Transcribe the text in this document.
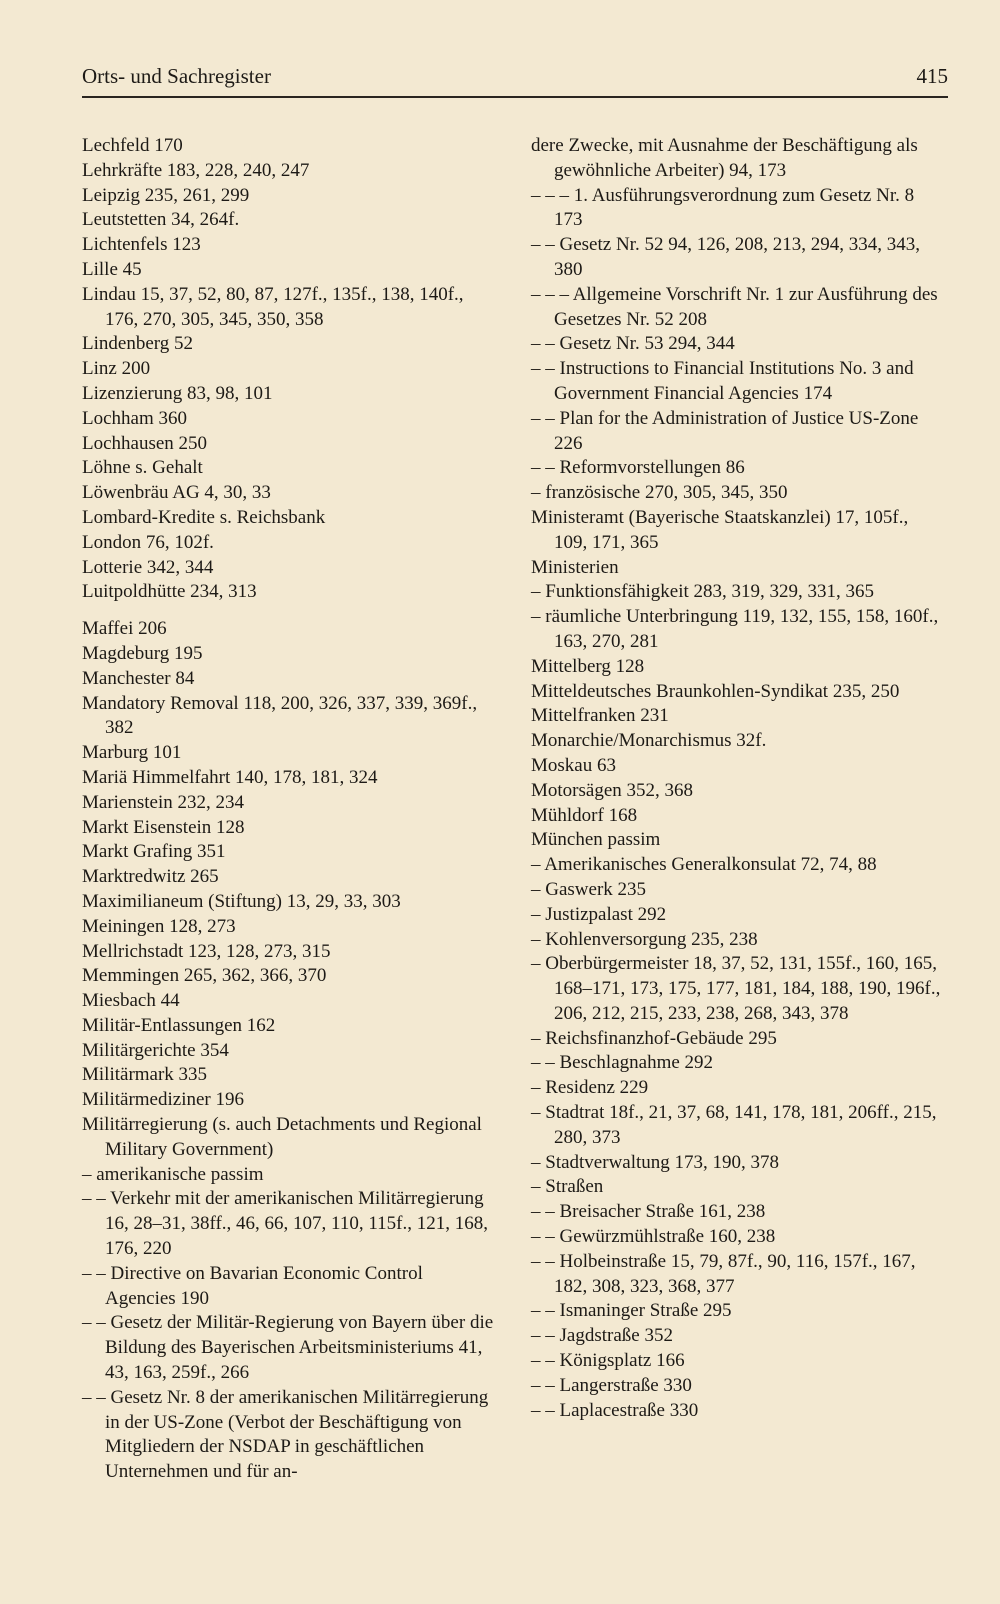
Orts- und Sachregister	415
Lechfeld 170
Lehrkräfte 183, 228, 240, 247
Leipzig 235, 261, 299
Leutstetten 34, 264f.
Lichtenfels 123
Lille 45
Lindau 15, 37, 52, 80, 87, 127f., 135f., 138, 140f., 176, 270, 305, 345, 350, 358
Lindenberg 52
Linz 200
Lizenzierung 83, 98, 101
Lochham 360
Lochhausen 250
Löhne s. Gehalt
Löwenbräu AG 4, 30, 33
Lombard-Kredite s. Reichsbank
London 76, 102f.
Lotterie 342, 344
Luitpoldhütte 234, 313
Maffei 206
Magdeburg 195
Manchester 84
Mandatory Removal 118, 200, 326, 337, 339, 369f., 382
Marburg 101
Mariä Himmelfahrt 140, 178, 181, 324
Marienstein 232, 234
Markt Eisenstein 128
Markt Grafing 351
Marktredwitz 265
Maximilianeum (Stiftung) 13, 29, 33, 303
Meiningen 128, 273
Mellrichstadt 123, 128, 273, 315
Memmingen 265, 362, 366, 370
Miesbach 44
Militär-Entlassungen 162
Militärgerichte 354
Militärmark 335
Militärmediziner 196
Militärregierung (s. auch Detachments und Regional Military Government)
– amerikanische passim
– – Verkehr mit der amerikanischen Militärregierung 16, 28–31, 38ff., 46, 66, 107, 110, 115f., 121, 168, 176, 220
– – Directive on Bavarian Economic Control Agencies 190
– – Gesetz der Militär-Regierung von Bayern über die Bildung des Bayerischen Arbeitsministeriums 41, 43, 163, 259f., 266
– – Gesetz Nr. 8 der amerikanischen Militärregierung in der US-Zone (Verbot der Beschäftigung von Mitgliedern der NSDAP in geschäftlichen Unternehmen und für an-
dere Zwecke, mit Ausnahme der Beschäftigung als gewöhnliche Arbeiter) 94, 173
– – – 1. Ausführungsverordnung zum Gesetz Nr. 8 173
– – Gesetz Nr. 52 94, 126, 208, 213, 294, 334, 343, 380
– – – Allgemeine Vorschrift Nr. 1 zur Ausführung des Gesetzes Nr. 52 208
– – Gesetz Nr. 53 294, 344
– – Instructions to Financial Institutions No. 3 and Government Financial Agencies 174
– – Plan for the Administration of Justice US-Zone 226
– – Reformvorstellungen 86
– französische 270, 305, 345, 350
Ministeramt (Bayerische Staatskanzlei) 17, 105f., 109, 171, 365
Ministerien
– Funktionsfähigkeit 283, 319, 329, 331, 365
– räumliche Unterbringung 119, 132, 155, 158, 160f., 163, 270, 281
Mittelberg 128
Mitteldeutsches Braunkohlen-Syndikat 235, 250
Mittelfranken 231
Monarchie/Monarchismus 32f.
Moskau 63
Motorsägen 352, 368
Mühldorf 168
München passim
– Amerikanisches Generalkonsulat 72, 74, 88
– Gaswerk 235
– Justizpalast 292
– Kohlenversorgung 235, 238
– Oberbürgermeister 18, 37, 52, 131, 155f., 160, 165, 168–171, 173, 175, 177, 181, 184, 188, 190, 196f., 206, 212, 215, 233, 238, 268, 343, 378
– Reichsfinanzhof-Gebäude 295
– – Beschlagnahme 292
– Residenz 229
– Stadtrat 18f., 21, 37, 68, 141, 178, 181, 206ff., 215, 280, 373
– Stadtverwaltung 173, 190, 378
– Straßen
– – Breisacher Straße 161, 238
– – Gewürzmühlstraße 160, 238
– – Holbeinstraße 15, 79, 87f., 90, 116, 157f., 167, 182, 308, 323, 368, 377
– – Ismaninger Straße 295
– – Jagdstraße 352
– – Königsplatz 166
– – Langerstraße 330
– – Laplacestraße 330
